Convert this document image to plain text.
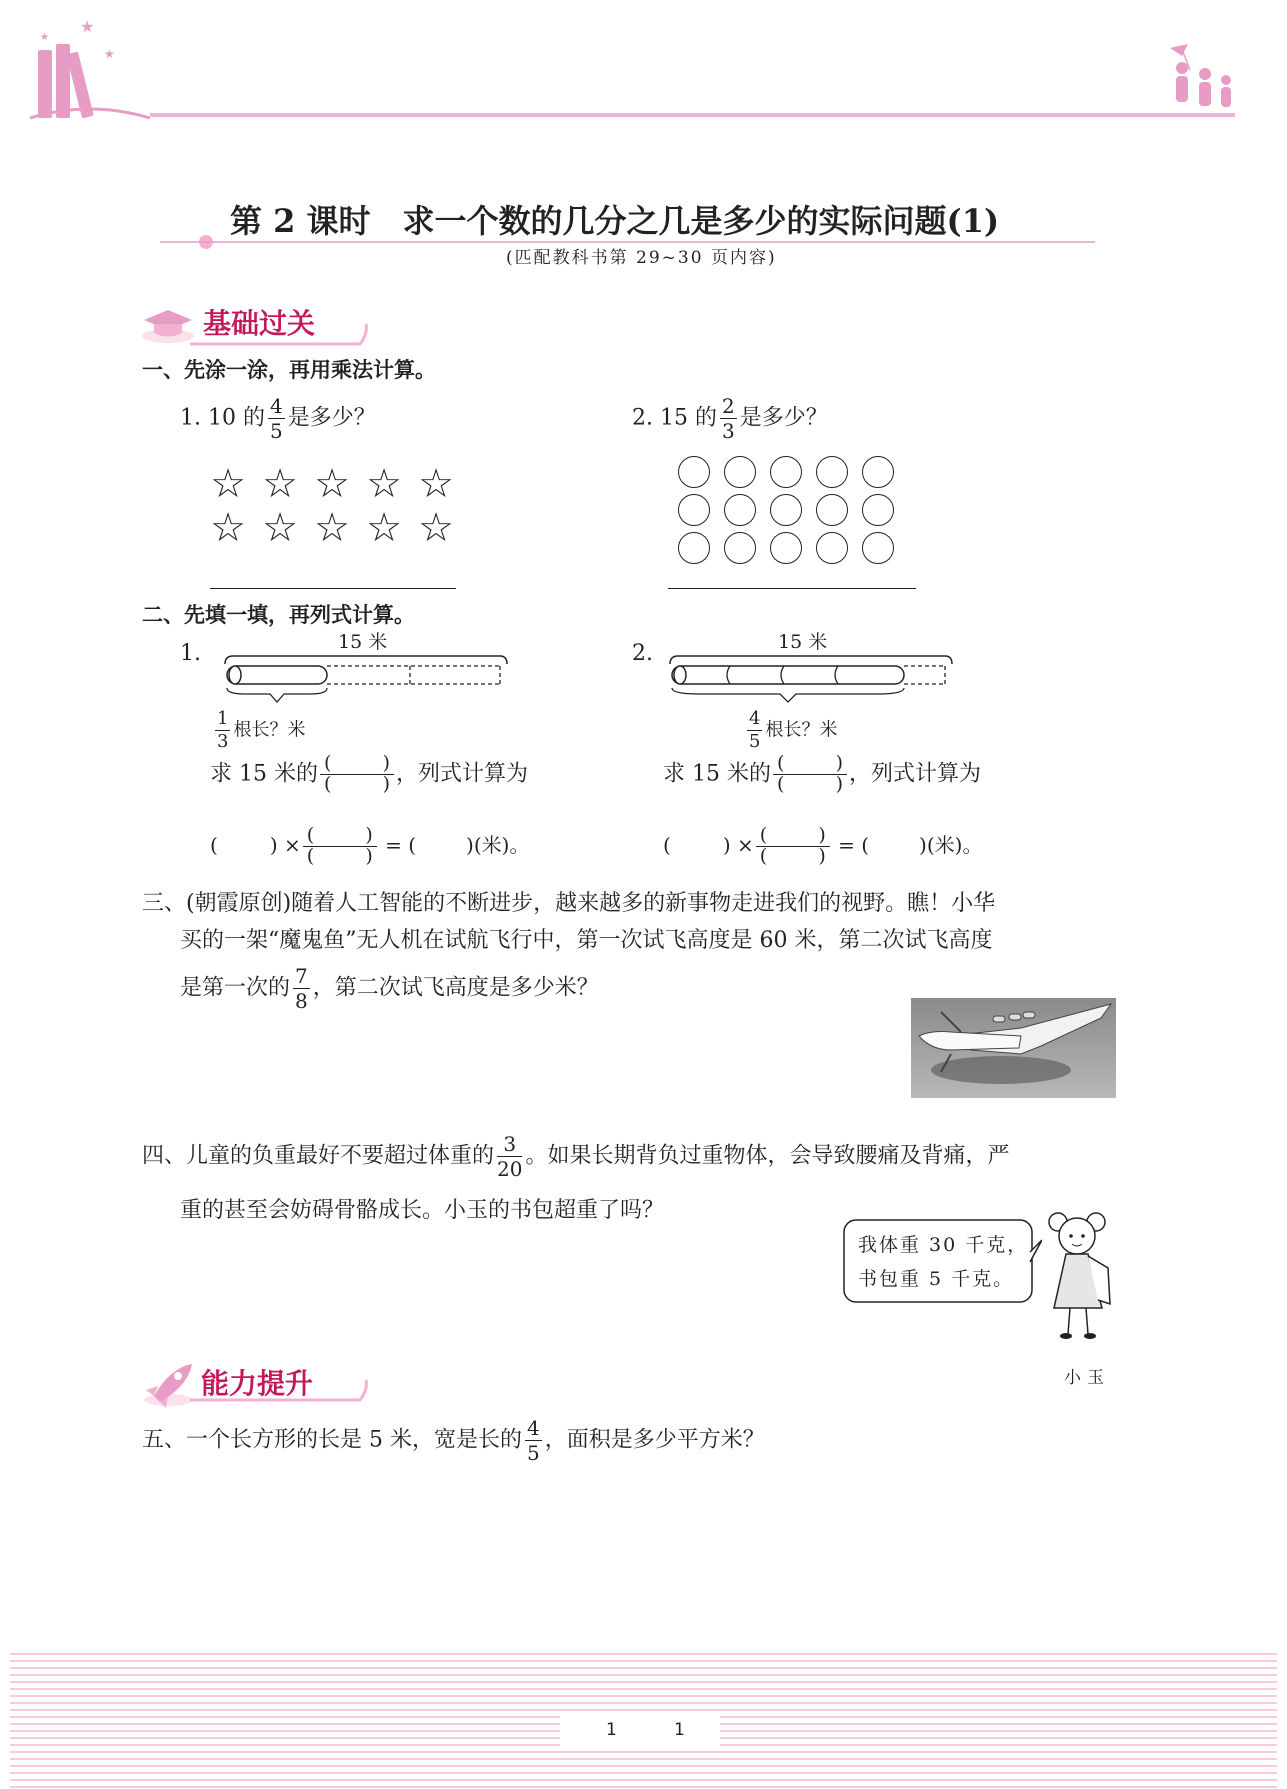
★
★
★
第 2 课时　求一个数的几分之几是多少的实际问题(1)
(匹配教科书第 29~30 页内容)
基础过关
一、先涂一涂，再用乘法计算。
1. 10 的 $\frac{4}{5}$ 是多少？
☆ ☆ ☆ ☆ ☆ ☆ ☆ ☆ ☆ ☆
2. 15 的 $\frac{2}{3}$ 是多少？
二、先填一填，再列式计算。
1.	15 米
$\frac{1}{3}$ 根长？米
求 15 米的 ( ) ( )	，列式计算为
(	) × ( ) ( )	= (	)(米)。
2.	15 米
$\frac{4}{5}$ 根长？米
求 15 米的 ( ) ( )	，列式计算为
(	) × ( ) ( )	= (	)(米)。
三、(朝霞原创)随着人工智能的不断进步，越来越多的新事物走进我们的视野。瞧！小华
买的一架“魔鬼鱼”无人机在试航飞行中，第一次试飞高度是 60 米，第二次试飞高度
是第一次的 $\frac{7}{8}$ ，第二次试飞高度是多少米？
四、儿童的负重最好不要超过体重的 $\frac{3}{20}$ 。如果长期背负过重物体，会导致腰痛及背痛，严
重的甚至会妨碍骨骼成长。小玉的书包超重了吗？
我体重 30 千克，
书包重 5 千克。
小玉
能力提升
五、一个长方形的长是 5 米，宽是长的 $\frac{4}{5}$ ，面积是多少平方米？
1	1
